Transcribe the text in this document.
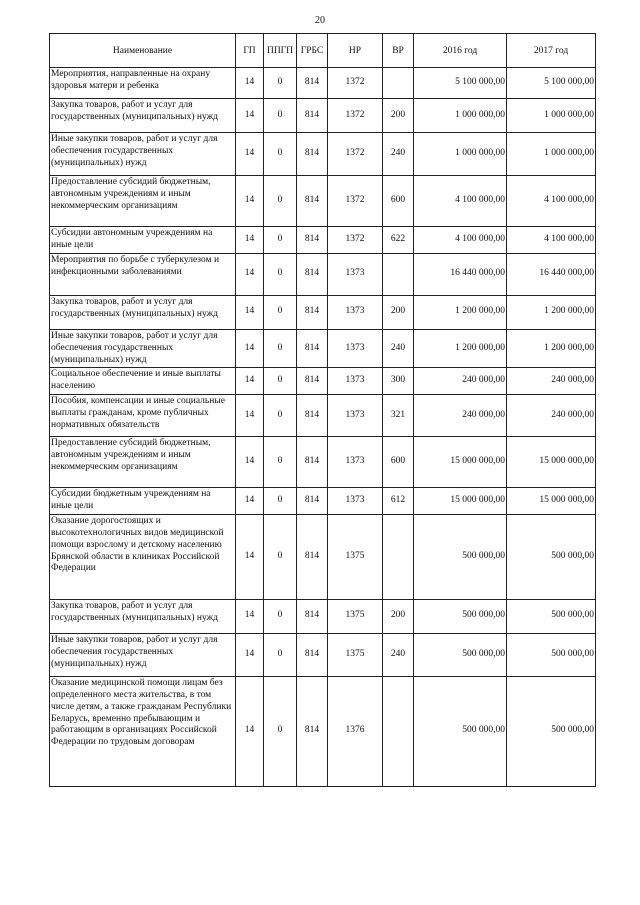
20
Наименование	ГП	ППГП	ГРБС	НР	ВР	2016 год	2017 год
Мероприятия, направленные на охрану здоровья матери и ребенка	14	0	814	1372		5 100 000,00	5 100 000,00
Закупка товаров, работ и услуг для государственных (муниципальных) нужд	14	0	814	1372	200	1 000 000,00	1 000 000,00
Иные закупки товаров, работ и услуг для обеспечения государственных (муниципальных) нужд	14	0	814	1372	240	1 000 000,00	1 000 000,00
Предоставление субсидий бюджетным, автономным учреждениям и иным некоммерческим организациям	14	0	814	1372	600	4 100 000,00	4 100 000,00
Субсидии автономным учреждениям на иные цели	14	0	814	1372	622	4 100 000,00	4 100 000,00
Мероприятия по борьбе с туберкулезом и инфекционными заболеваниями	14	0	814	1373		16 440 000,00	16 440 000,00
Закупка товаров, работ и услуг для государственных (муниципальных) нужд	14	0	814	1373	200	1 200 000,00	1 200 000,00
Иные закупки товаров, работ и услуг для обеспечения государственных (муниципальных) нужд	14	0	814	1373	240	1 200 000,00	1 200 000,00
Социальное обеспечение и иные выплаты населению	14	0	814	1373	300	240 000,00	240 000,00
Пособия, компенсации и иные социальные выплаты гражданам, кроме публичных нормативных обязательств	14	0	814	1373	321	240 000,00	240 000,00
Предоставление субсидий бюджетным, автономным учреждениям и иным некоммерческим организациям	14	0	814	1373	600	15 000 000,00	15 000 000,00
Субсидии бюджетным учреждениям на иные цели	14	0	814	1373	612	15 000 000,00	15 000 000,00
Оказание дорогостоящих и высокотехнологичных видов медицинской помощи взрослому и детскому населению Брянской области в клиниках Российской Федерации	14	0	814	1375		500 000,00	500 000,00
Закупка товаров, работ и услуг для государственных (муниципальных) нужд	14	0	814	1375	200	500 000,00	500 000,00
Иные закупки товаров, работ и услуг для обеспечения государственных (муниципальных) нужд	14	0	814	1375	240	500 000,00	500 000,00
Оказание медицинской помощи лицам без определенного места жительства, в том числе детям, а также гражданам Республики Беларусь, временно пребывающим и работающим в организациях Российской Федерации по трудовым договорам	14	0	814	1376		500 000,00	500 000,00
